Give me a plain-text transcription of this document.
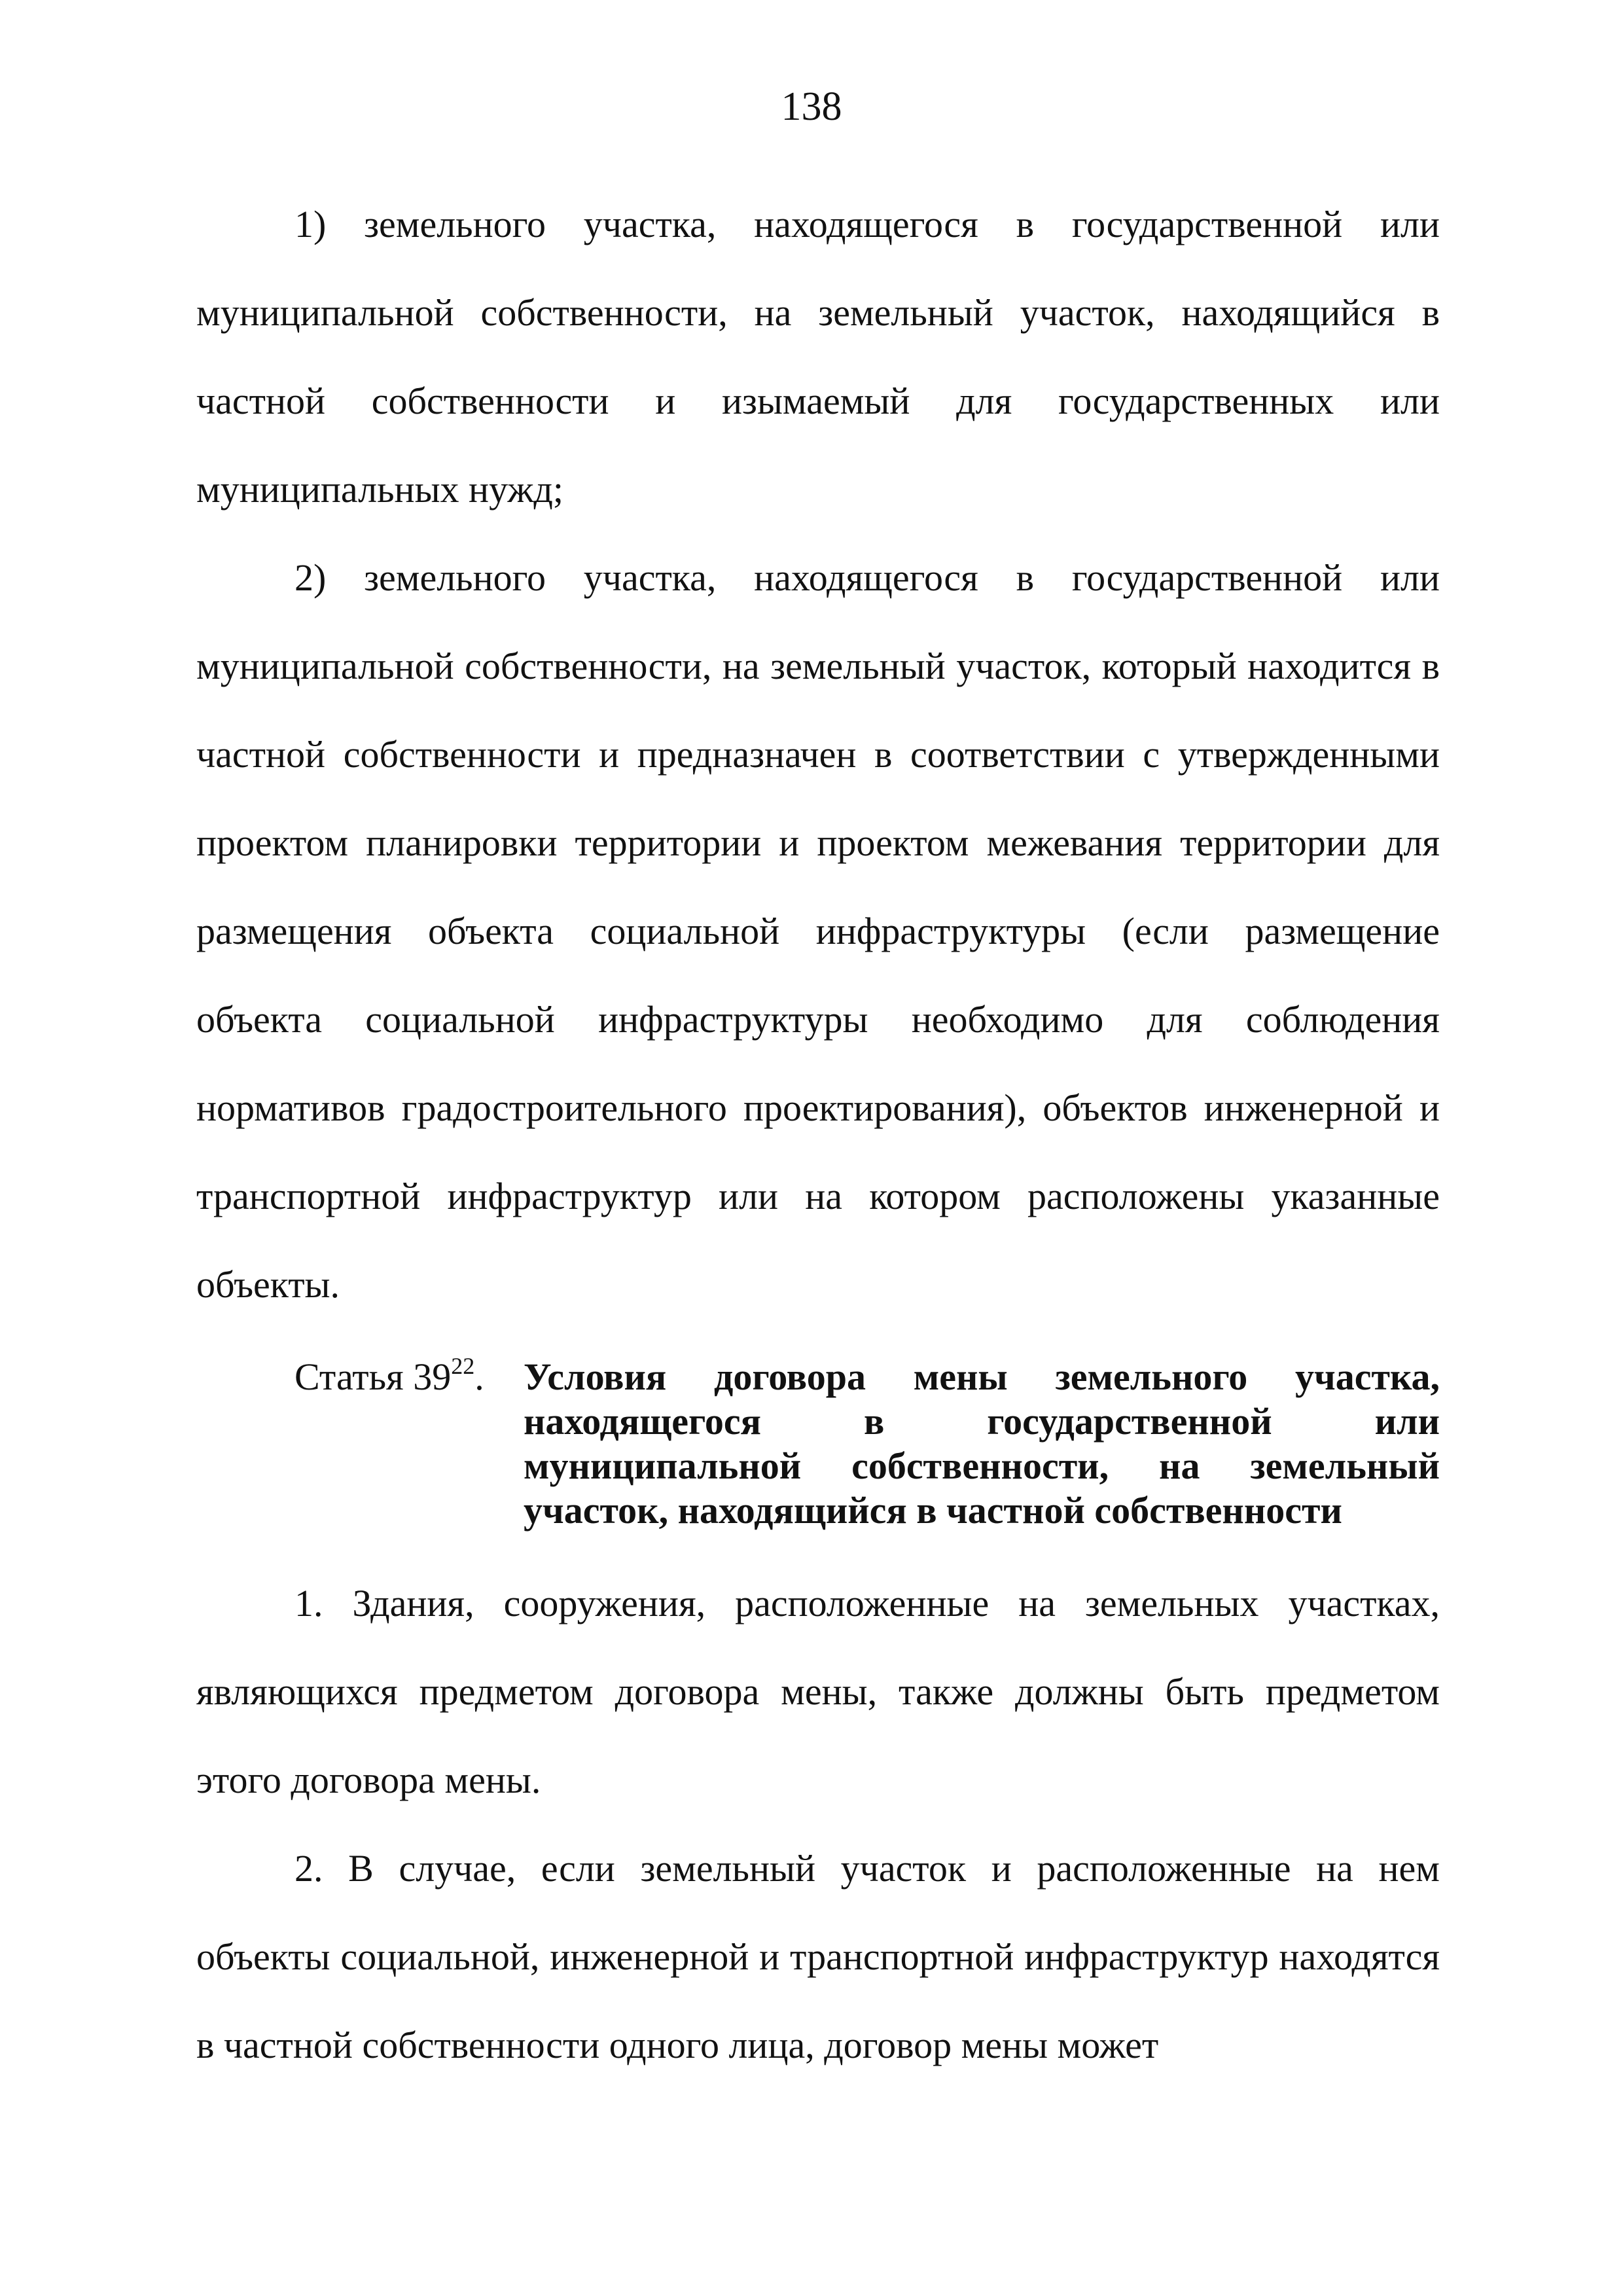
138

1) земельного участка, находящегося в государственной или муниципальной собственности, на земельный участок, находящийся в частной собственности и изымаемый для государственных или муниципальных нужд;

2) земельного участка, находящегося в государственной или муниципальной собственности, на земельный участок, который находится в частной собственности и предназначен в соответствии с утвержденными проектом планировки территории и проектом межевания территории для размещения объекта социальной инфраструктуры (если размещение объекта социальной инфраструктуры необходимо для соблюдения нормативов градостроительного проектирования), объектов инженерной и транспортной инфраструктур или на котором расположены указанные объекты.

Статья $39^{22}$.	Условия договора мены земельного участка, находящегося в государственной или муниципальной собственности, на земельный участок, находящийся в частной собственности

1. Здания, сооружения, расположенные на земельных участках, являющихся предметом договора мены, также должны быть предметом этого договора мены.

2. В случае, если земельный участок и расположенные на нем объекты социальной, инженерной и транспортной инфраструктур находятся в частной собственности одного лица, договор мены может
